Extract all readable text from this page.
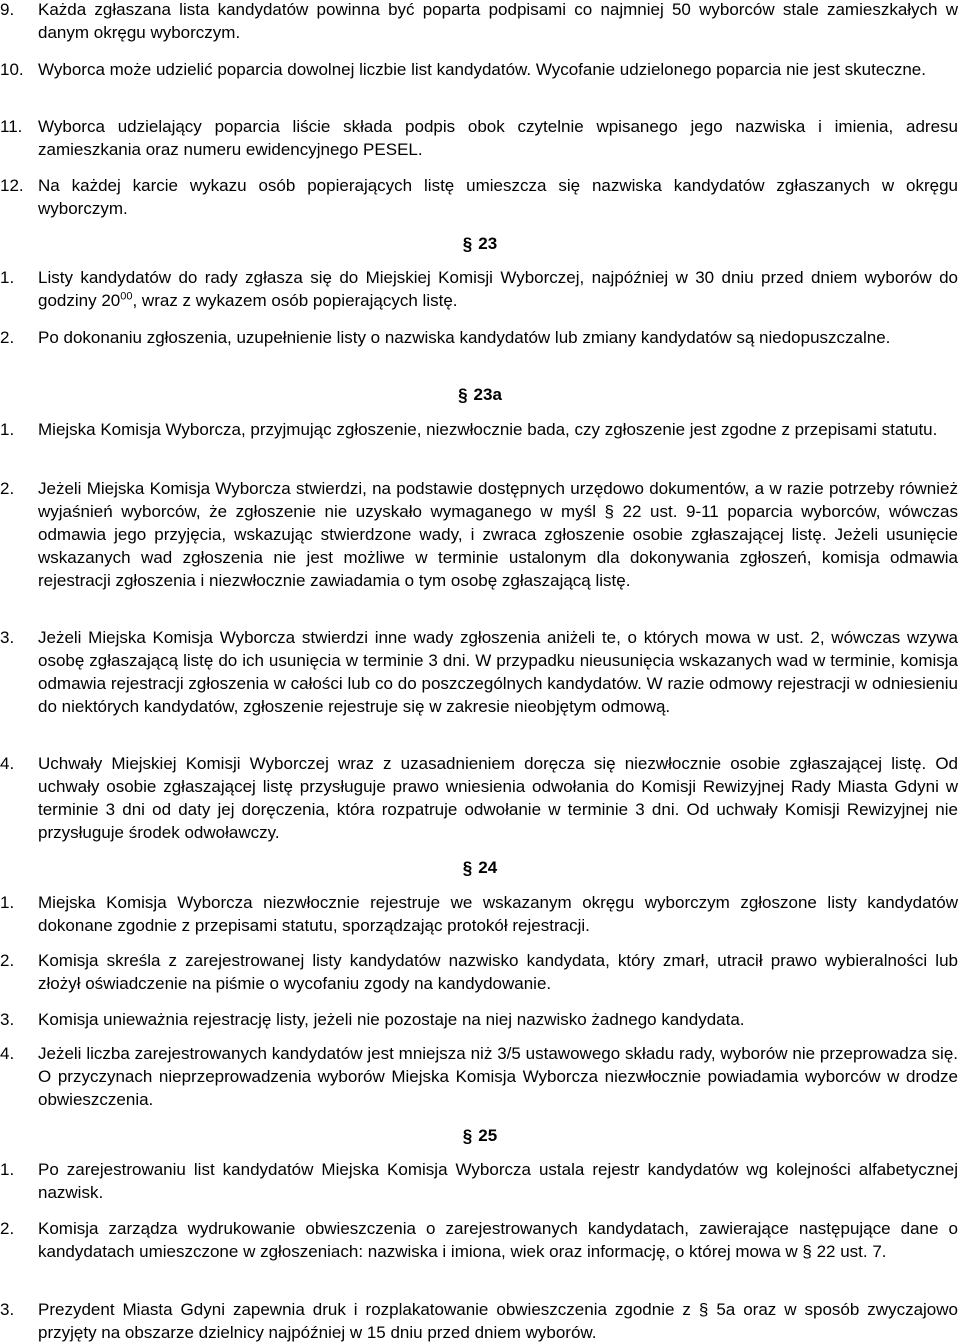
9. Każda zgłaszana lista kandydatów powinna być poparta podpisami co najmniej 50 wyborców stale zamieszkałych w danym okręgu wyborczym.
10. Wyborca może udzielić poparcia dowolnej liczbie list kandydatów. Wycofanie udzielonego poparcia nie jest skuteczne.
11. Wyborca udzielający poparcia liście składa podpis obok czytelnie wpisanego jego nazwiska i imienia, adresu zamieszkania oraz numeru ewidencyjnego PESEL.
12. Na każdej karcie wykazu osób popierających listę umieszcza się nazwiska kandydatów zgłaszanych w okręgu wyborczym.
§ 23
1. Listy kandydatów do rady zgłasza się do Miejskiej Komisji Wyborczej, najpóźniej w 30 dniu przed dniem wyborów do godziny $20^{00}$, wraz z wykazem osób popierających listę.
2. Po dokonaniu zgłoszenia, uzupełnienie listy o nazwiska kandydatów lub zmiany kandydatów są niedopuszczalne.
§ 23a
1. Miejska Komisja Wyborcza, przyjmując zgłoszenie, niezwłocznie bada, czy zgłoszenie jest zgodne z przepisami statutu.
2. Jeżeli Miejska Komisja Wyborcza stwierdzi, na podstawie dostępnych urzędowo dokumentów, a w razie potrzeby również wyjaśnień wyborców, że zgłoszenie nie uzyskało wymaganego w myśl § 22 ust. 9-11 poparcia wyborców, wówczas odmawia jego przyjęcia, wskazując stwierdzone wady, i zwraca zgłoszenie osobie zgłaszającej listę. Jeżeli usunięcie wskazanych wad zgłoszenia nie jest możliwe w terminie ustalonym dla dokonywania zgłoszeń, komisja odmawia rejestracji zgłoszenia i niezwłocznie zawiadamia o tym osobę zgłaszającą listę.
3. Jeżeli Miejska Komisja Wyborcza stwierdzi inne wady zgłoszenia aniżeli te, o których mowa w ust. 2, wówczas wzywa osobę zgłaszającą listę do ich usunięcia w terminie 3 dni. W przypadku nieusunięcia wskazanych wad w terminie, komisja odmawia rejestracji zgłoszenia w całości lub co do poszczególnych kandydatów. W razie odmowy rejestracji w odniesieniu do niektórych kandydatów, zgłoszenie rejestruje się w zakresie nieobjętym odmową.
4. Uchwały Miejskiej Komisji Wyborczej wraz z uzasadnieniem doręcza się niezwłocznie osobie zgłaszającej listę. Od uchwały osobie zgłaszającej listę przysługuje prawo wniesienia odwołania do Komisji Rewizyjnej Rady Miasta Gdyni w terminie 3 dni od daty jej doręczenia, która rozpatruje odwołanie w terminie 3 dni. Od uchwały Komisji Rewizyjnej nie przysługuje środek odwoławczy.
§ 24
1. Miejska Komisja Wyborcza niezwłocznie rejestruje we wskazanym okręgu wyborczym zgłoszone listy kandydatów dokonane zgodnie z przepisami statutu, sporządzając protokół rejestracji.
2. Komisja skreśla z zarejestrowanej listy kandydatów nazwisko kandydata, który zmarł, utracił prawo wybieralności lub złożył oświadczenie na piśmie o wycofaniu zgody na kandydowanie.
3. Komisja unieważnia rejestrację listy, jeżeli nie pozostaje na niej nazwisko żadnego kandydata.
4. Jeżeli liczba zarejestrowanych kandydatów jest mniejsza niż 3/5 ustawowego składu rady, wyborów nie przeprowadza się. O przyczynach nieprzeprowadzenia wyborów Miejska Komisja Wyborcza niezwłocznie powiadamia wyborców w drodze obwieszczenia.
§ 25
1. Po zarejestrowaniu list kandydatów Miejska Komisja Wyborcza ustala rejestr kandydatów wg kolejności alfabetycznej nazwisk.
2. Komisja zarządza wydrukowanie obwieszczenia o zarejestrowanych kandydatach, zawierające następujące dane o kandydatach umieszczone w zgłoszeniach: nazwiska i imiona, wiek oraz informację, o której mowa w § 22 ust. 7.
3. Prezydent Miasta Gdyni zapewnia druk i rozplakatowanie obwieszczenia zgodnie z § 5a oraz w sposób zwyczajowo przyjęty na obszarze dzielnicy najpóźniej w 15 dniu przed dniem wyborów.
